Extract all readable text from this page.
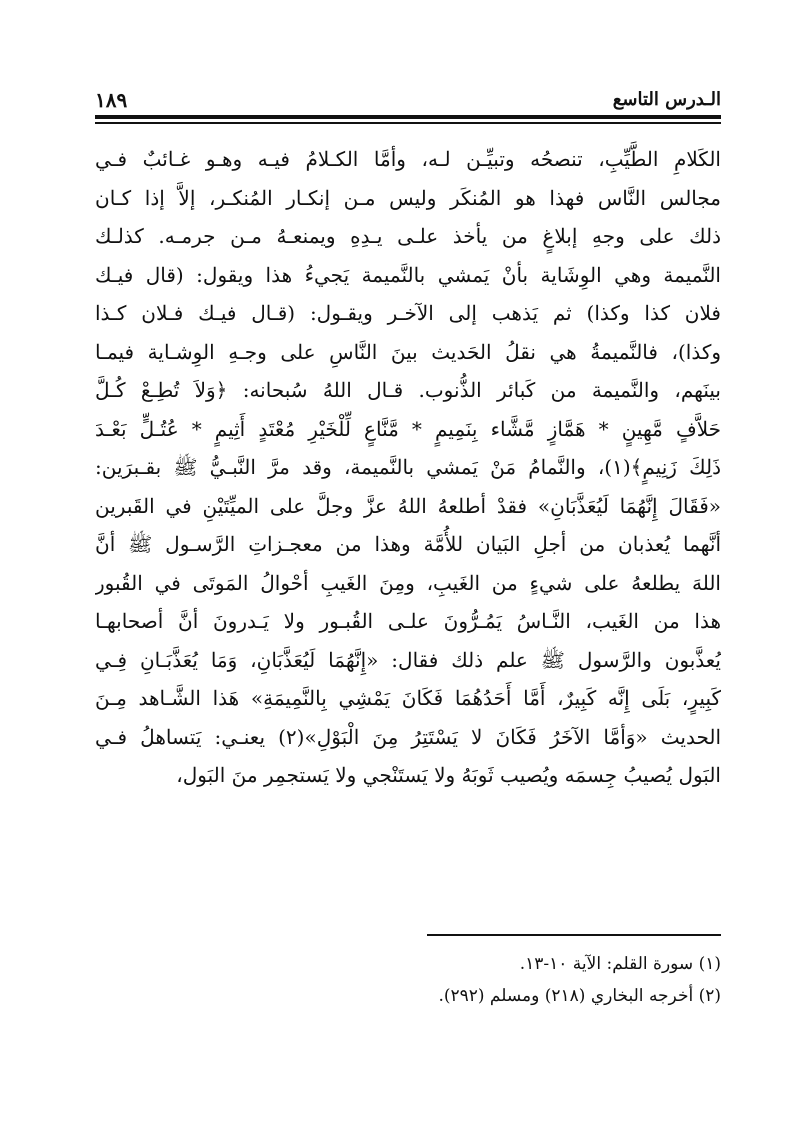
الـدرس التاسع
١٨٩
الكَلامِ الطَّيِّبِ، تنصحُه وتبيِّـن لـه، وأمَّا الكـلامُ فيـه وهـو غـائبٌ فـي
مجالس النَّاس فهذا هو المُنكَر وليس مـن إنكـار المُنكـر، إلاَّ إذا كـان
ذلك على وجهِ إبلاغٍ من يأخذ علـى يـدِهِ ويمنعـهُ مـن جرمـه. كذلـك
النَّميمة وهي الوِشَاية بأنْ يَمشي بالنَّميمة يَجيءُ هذا ويقول: (قال فيـك
فلان كذا وكذا) ثم يَذهب إلى الآخـر ويقـول: (قـال فيـك فـلان كـذا
وكذا)، فالنَّميمةُ هي نقلُ الحَديث بينَ النَّاسِ على وجـهِ الوِشـاية فيمـا
بينَهم، والنَّميمة من كَبائر الذُّنوب. قـال اللهُ سُبحانه: ﴿وَلاَ تُطِـعْ كُـلَّ
حَلاَّفٍ مَّهِينٍ * هَمَّازٍ مَّشَّاء بِنَمِيمٍ * مَّنَّاعٍ لِّلْخَيْرِ مُعْتَدٍ أَثِيمٍ * عُتُـلٍّ بَعْـدَ
ذَلِكَ زَنِيمٍ﴾(١)، والنَّمامُ مَنْ يَمشي بالنَّميمة، وقد مرَّ النَّبـيُّ ﷺ بقـبرَين:
«فَقَالَ إِنَّهُمَا لَيُعَذَّبَانِ» فقدْ أطلعهُ اللهُ عزَّ وجلَّ على الميِّتَيْنِ في القَبرين
أنَّهما يُعذبان من أجلِ البَيان للأُمَّة وهذا من معجـزاتِ الرَّسـول ﷺ أنَّ
اللهَ يطلعهُ على شيءٍ من الغَيبِ، ومِنَ الغَيبِ أحْوالُ المَوتَى في القُبور
هذا من الغَيب، النَّـاسُ يَمُـرُّونَ علـى القُبـور ولا يَـدرونَ أنَّ أصحابهـا
يُعذَّبون والرَّسول ﷺ علم ذلك فقال: «إِنَّهُمَا لَيُعَذَّبَانِ، وَمَا يُعَذَّبَـانِ فِـي
كَبِيرٍ، بَلَى إِنَّه كَبِيرٌ، أَمَّا أَحَدُهُمَا فَكَانَ يَمْشِي بِالنَّمِيمَةِ» هَذا الشَّـاهد مِـنَ
الحديث «وَأمَّا الآخَرُ فَكَانَ لا يَسْتَتِرُ مِنَ الْبَوْلِ»(٢) يعنـي: يَتساهلُ فـي
البَول يُصيبُ جِسمَه ويُصيب ثَوبَهُ ولا يَستَنْجي ولا يَستجمِر منَ البَول،
(١) سورة القلم: الآية ١٠-١٣.
(٢) أخرجه البخاري (٢١٨) ومسلم (٢٩٢).
